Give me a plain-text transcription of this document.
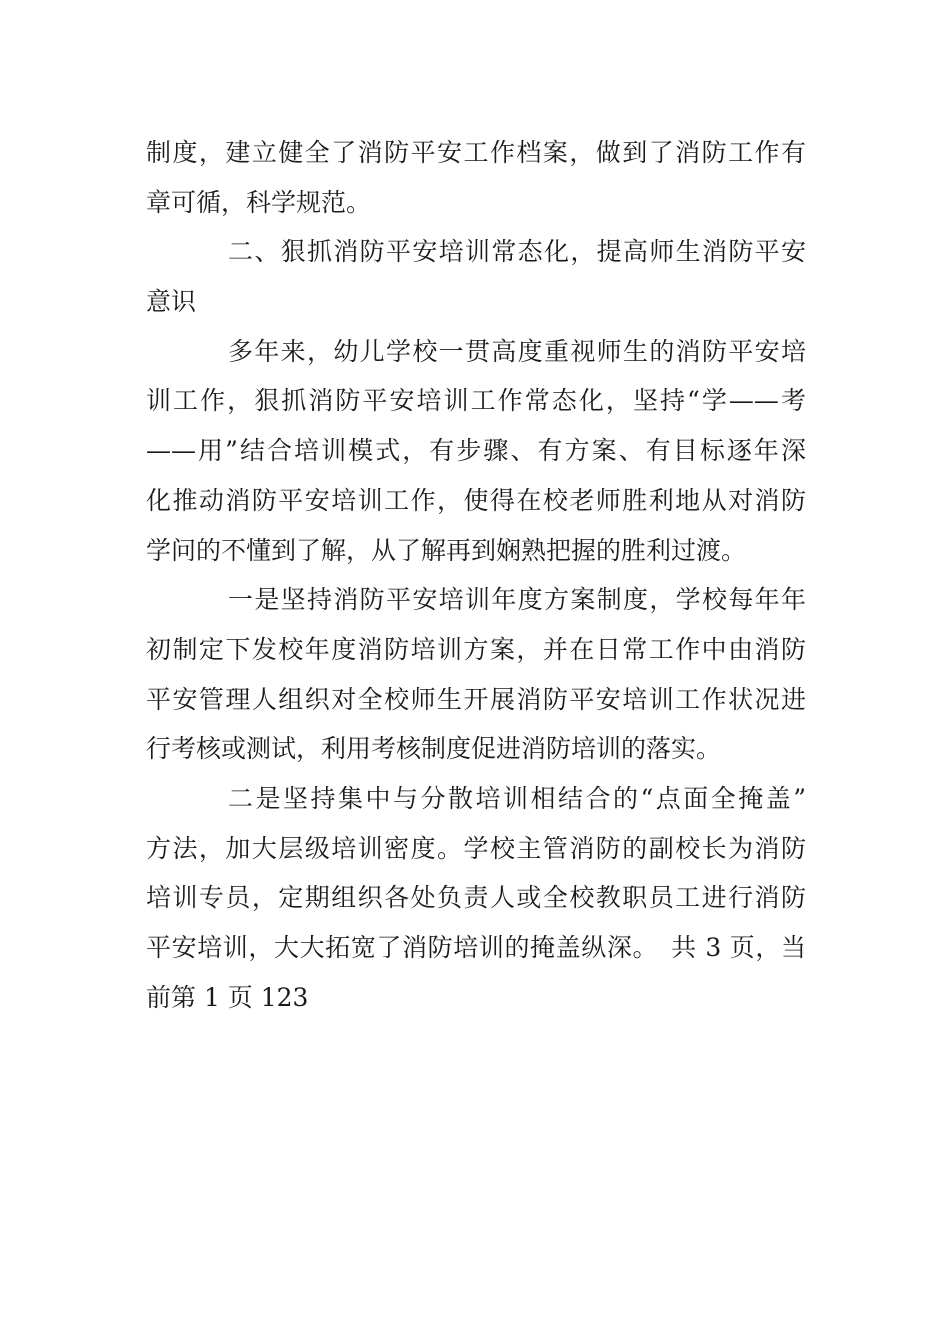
制度，建立健全了消防平安工作档案，做到了消防工作有
章可循，科学规范。
二、狠抓消防平安培训常态化，提高师生消防平安
意识
多年来，幼儿学校一贯高度重视师生的消防平安培
训工作，狠抓消防平安培训工作常态化，坚持“学——考
——用”结合培训模式，有步骤、有方案、有目标逐年深
化推动消防平安培训工作，使得在校老师胜利地从对消防
学问的不懂到了解，从了解再到娴熟把握的胜利过渡。
一是坚持消防平安培训年度方案制度，学校每年年
初制定下发校年度消防培训方案，并在日常工作中由消防
平安管理人组织对全校师生开展消防平安培训工作状况进
行考核或测试，利用考核制度促进消防培训的落实。
二是坚持集中与分散培训相结合的“点面全掩盖”
方法，加大层级培训密度。学校主管消防的副校长为消防
培训专员，定期组织各处负责人或全校教职员工进行消防
平安培训，大大拓宽了消防培训的掩盖纵深。　共 3 页，当
前第 1 页 123
